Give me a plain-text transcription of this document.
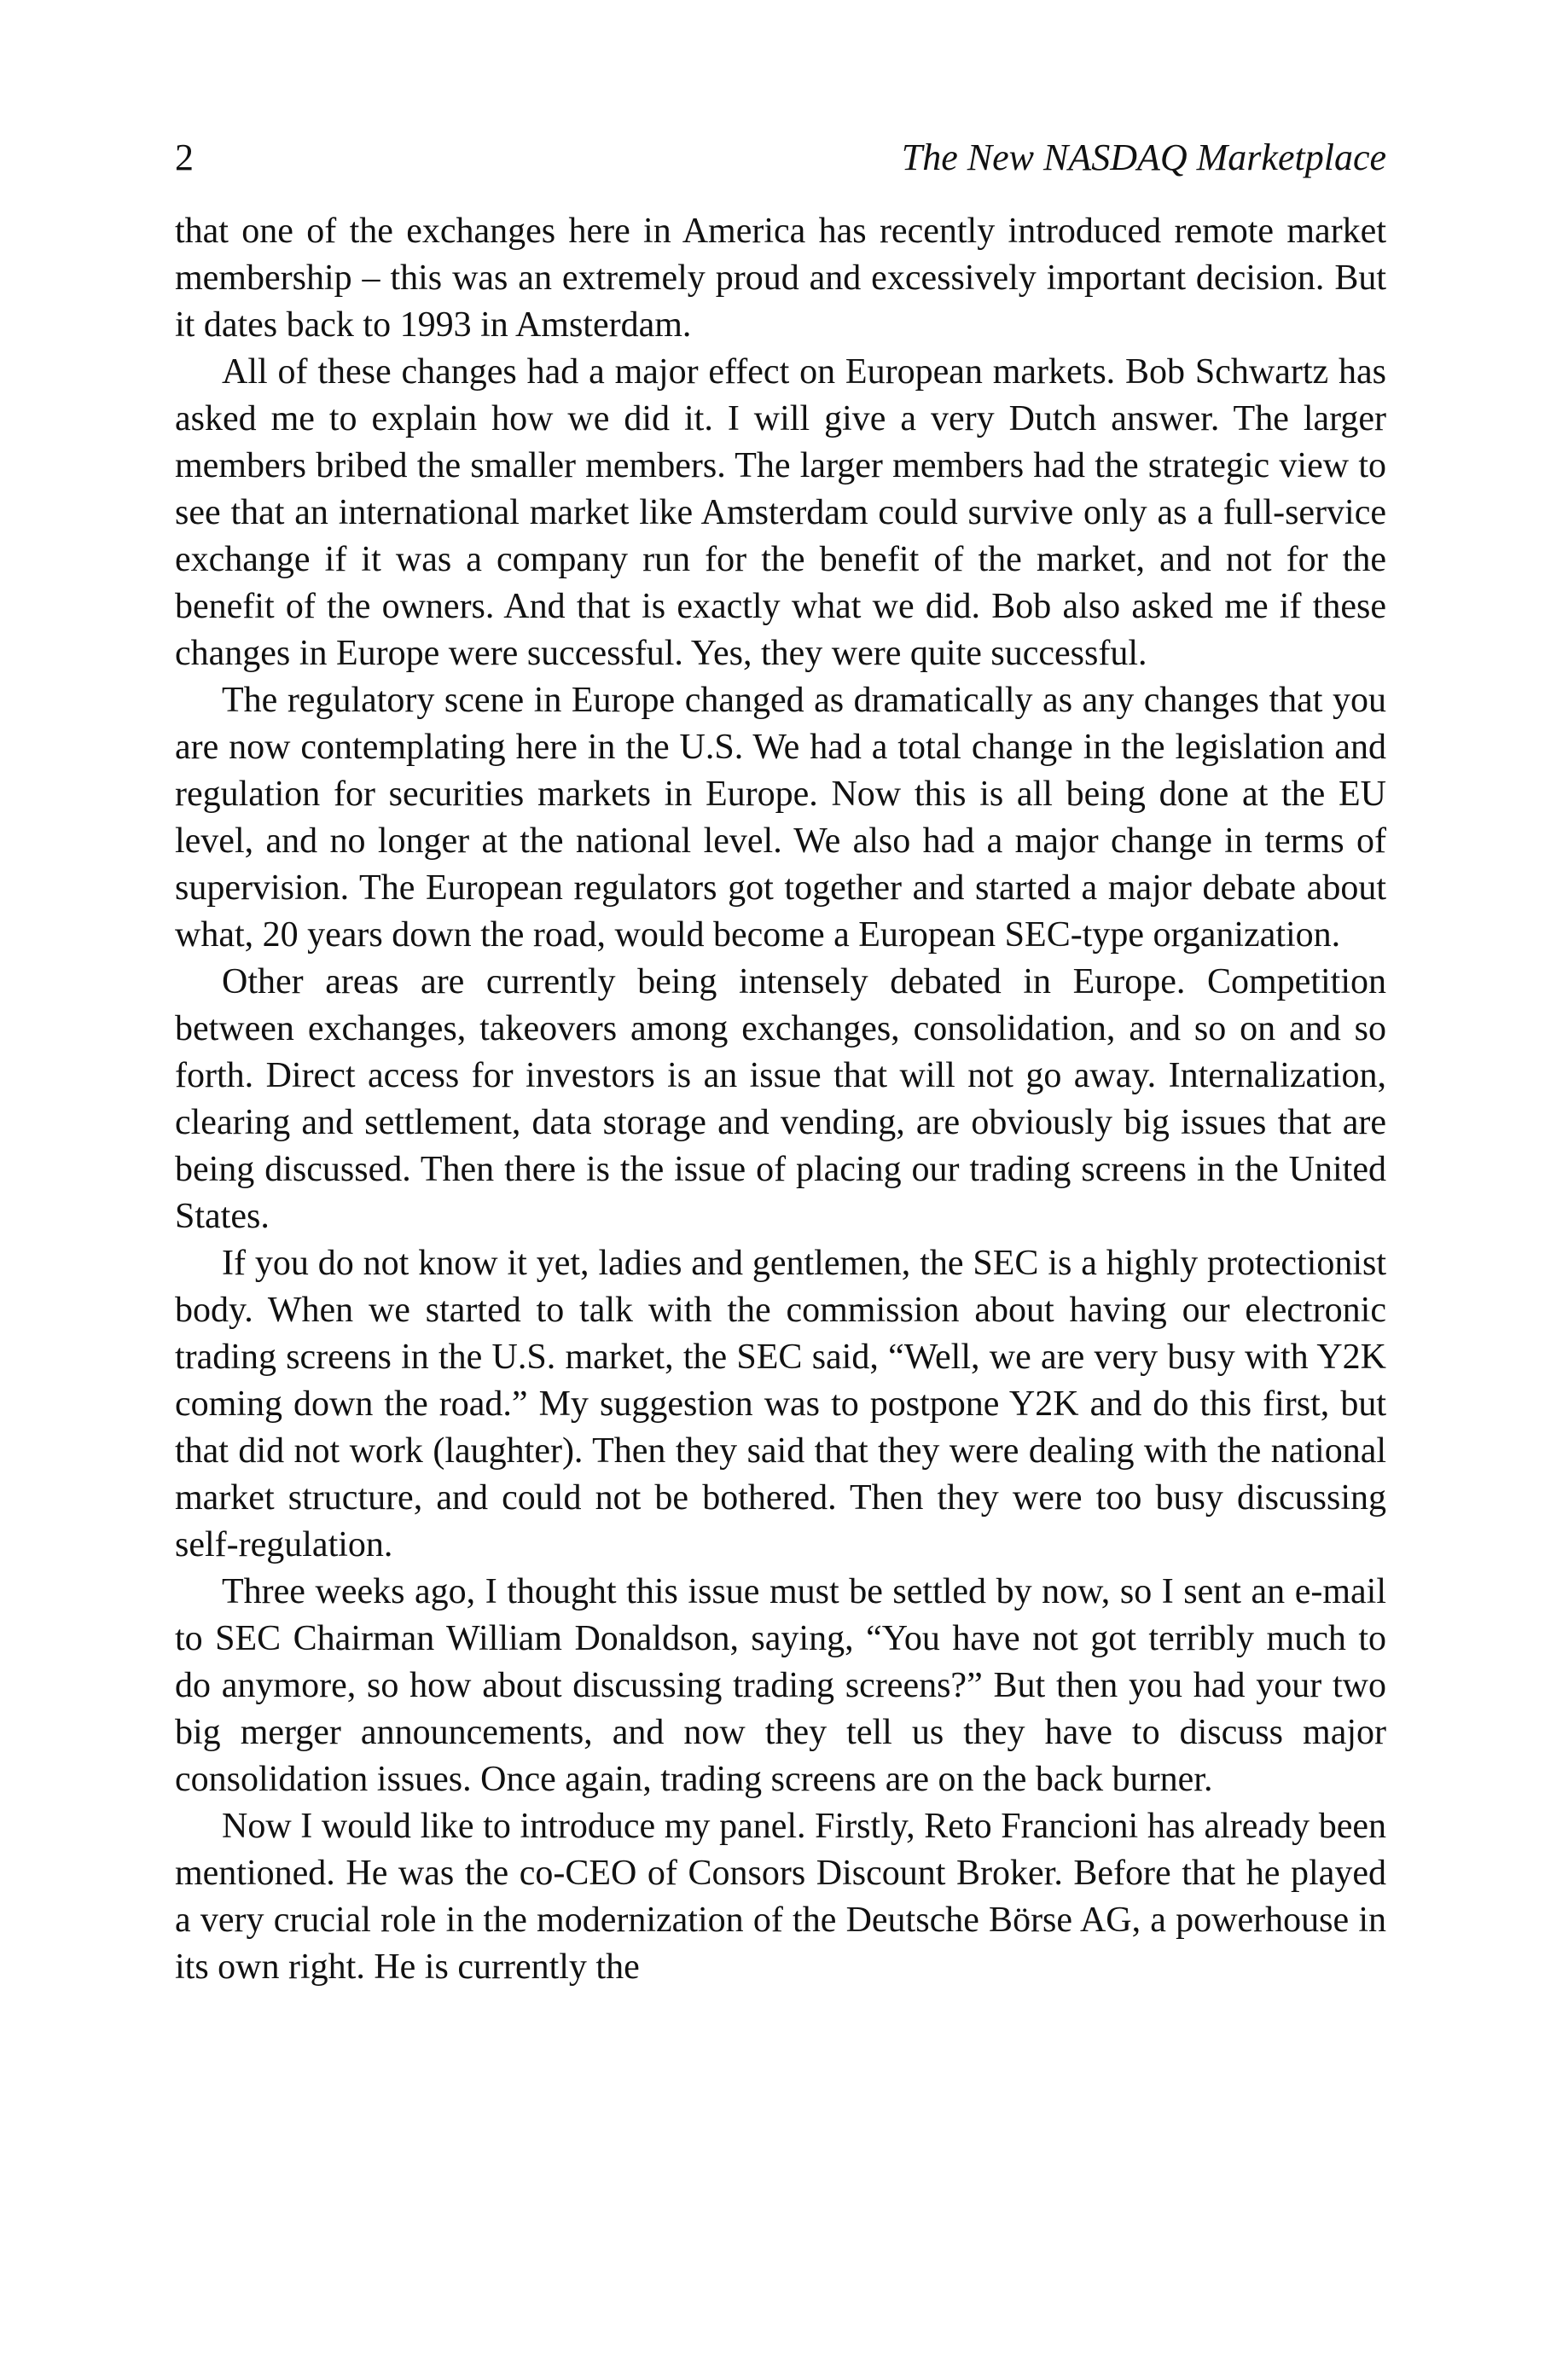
2	The New NASDAQ Marketplace

that one of the exchanges here in America has recently introduced remote market membership – this was an extremely proud and excessively important decision. But it dates back to 1993 in Amsterdam.

All of these changes had a major effect on European markets. Bob Schwartz has asked me to explain how we did it. I will give a very Dutch answer. The larger members bribed the smaller members. The larger members had the strategic view to see that an international market like Amsterdam could survive only as a full-service exchange if it was a company run for the benefit of the market, and not for the benefit of the owners. And that is exactly what we did. Bob also asked me if these changes in Europe were successful. Yes, they were quite successful.

The regulatory scene in Europe changed as dramatically as any changes that you are now contemplating here in the U.S. We had a total change in the legislation and regulation for securities markets in Europe. Now this is all being done at the EU level, and no longer at the national level. We also had a major change in terms of supervision. The European regulators got together and started a major debate about what, 20 years down the road, would become a European SEC-type organization.

Other areas are currently being intensely debated in Europe. Competition between exchanges, takeovers among exchanges, consolidation, and so on and so forth. Direct access for investors is an issue that will not go away. Internalization, clearing and settlement, data storage and vending, are obviously big issues that are being discussed. Then there is the issue of placing our trading screens in the United States.

If you do not know it yet, ladies and gentlemen, the SEC is a highly protectionist body. When we started to talk with the commission about having our electronic trading screens in the U.S. market, the SEC said, “Well, we are very busy with Y2K coming down the road.” My suggestion was to postpone Y2K and do this first, but that did not work (laughter). Then they said that they were dealing with the national market structure, and could not be bothered. Then they were too busy discussing self-regulation.

Three weeks ago, I thought this issue must be settled by now, so I sent an e-mail to SEC Chairman William Donaldson, saying, “You have not got terribly much to do anymore, so how about discussing trading screens?” But then you had your two big merger announcements, and now they tell us they have to discuss major consolidation issues. Once again, trading screens are on the back burner.

Now I would like to introduce my panel. Firstly, Reto Francioni has already been mentioned. He was the co-CEO of Consors Discount Broker. Before that he played a very crucial role in the modernization of the Deutsche Börse AG, a powerhouse in its own right. He is currently the
